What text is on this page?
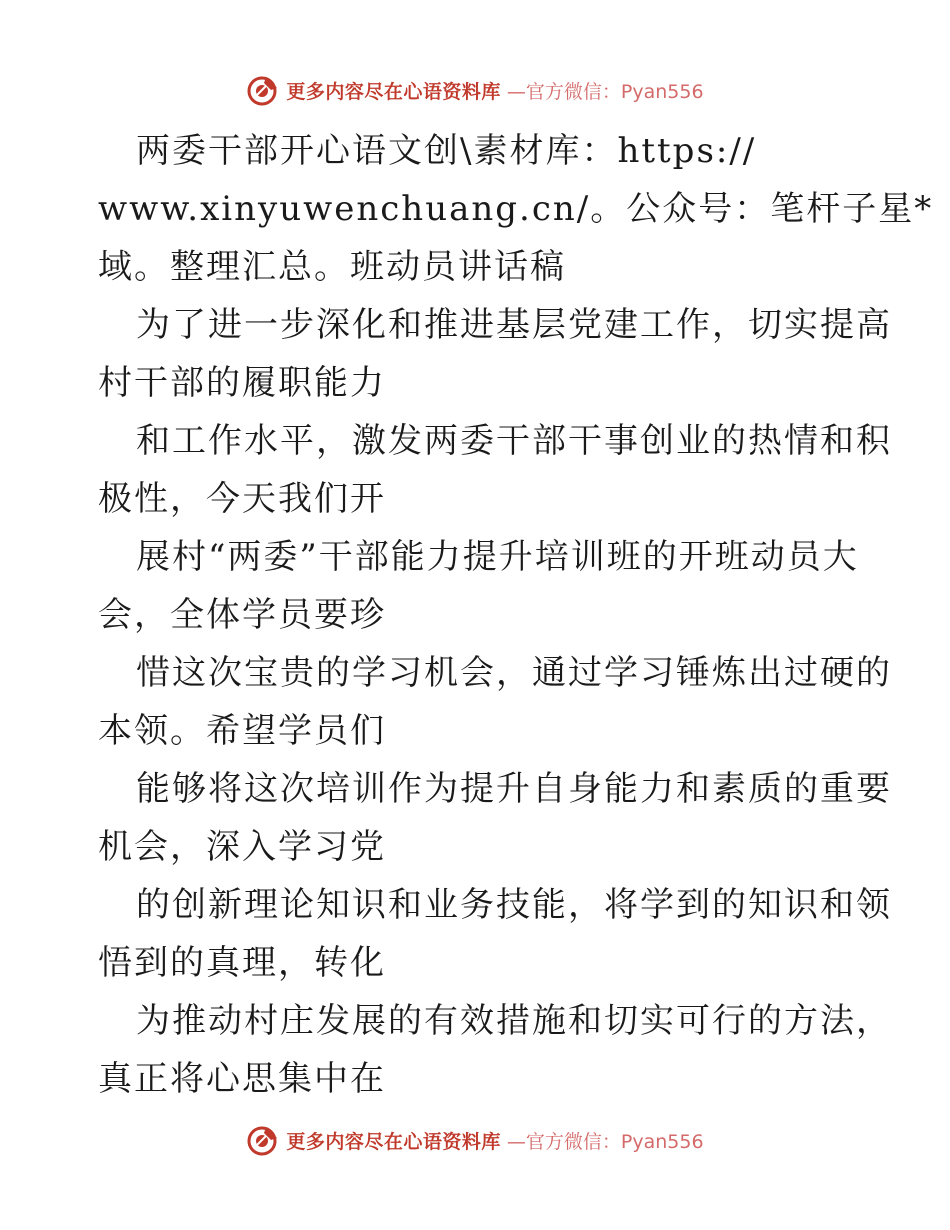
更多内容尽在心语资料库 —官方微信：Pyan556
两委干部开心语文创\素材库：https://
www.xinyuwenchuang.cn/。公众号：笔杆子星*
域。整理汇总。班动员讲话稿
为了进一步深化和推进基层党建工作，切实提高
村干部的履职能力
和工作水平，激发两委干部干事创业的热情和积
极性，今天我们开
展村“两委”干部能力提升培训班的开班动员大
会，全体学员要珍
惜这次宝贵的学习机会，通过学习锤炼出过硬的
本领。希望学员们
能够将这次培训作为提升自身能力和素质的重要
机会，深入学习党
的创新理论知识和业务技能，将学到的知识和领
悟到的真理，转化
为推动村庄发展的有效措施和切实可行的方法，
真正将心思集中在
更多内容尽在心语资料库 —官方微信：Pyan556
